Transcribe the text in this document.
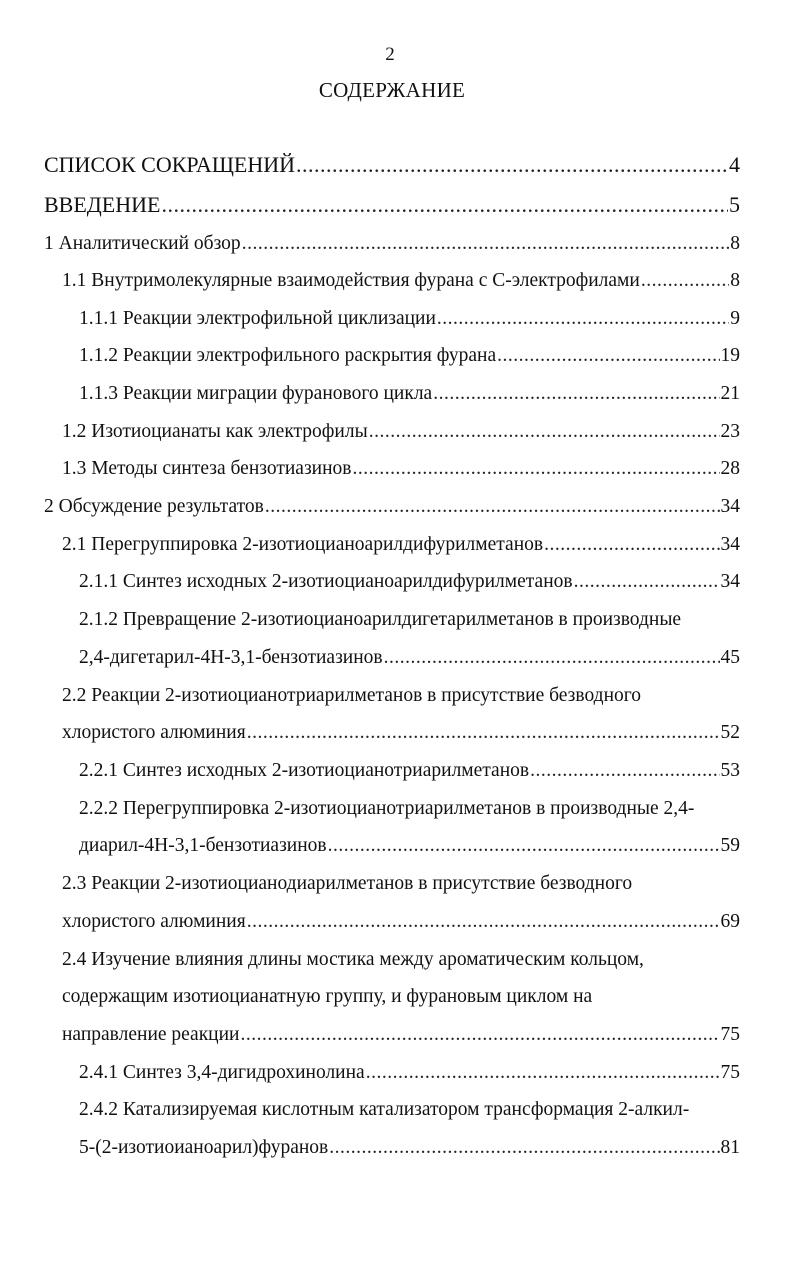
2
СОДЕРЖАНИЕ
СПИСОК СОКРАЩЕНИЙ .....	4
ВВЕДЕНИЕ .....	5
1 Аналитический обзор .....	8
1.1 Внутримолекулярные взаимодействия фурана с С-электрофилами .....	8
1.1.1 Реакции электрофильной циклизации .....	9
1.1.2 Реакции электрофильного раскрытия фурана .....	19
1.1.3 Реакции миграции фуранового цикла .....	21
1.2 Изотиоцианаты как электрофилы .....	23
1.3 Методы синтеза бензотиазинов .....	28
2 Обсуждение результатов .....	34
2.1 Перегруппировка 2-изотиоцианоарилдифурилметанов .....	34
2.1.1 Синтез исходных 2-изотиоцианоарилдифурилметанов .....	34
2.1.2 Превращение 2-изотиоцианоарилдигетарилметанов в производные
2,4-дигетарил-4H-3,1-бензотиазинов .....	45
2.2 Реакции 2-изотиоцианотриарилметанов в присутствие безводного
хлористого алюминия .....	52
2.2.1 Синтез исходных 2-изотиоцианотриарилметанов .....	53
2.2.2 Перегруппировка 2-изотиоцианотриарилметанов в производные 2,4-
диарил-4Н-3,1-бензотиазинов .....	59
2.3 Реакции 2-изотиоцианодиарилметанов в присутствие безводного
хлористого алюминия .....	69
2.4 Изучение влияния длины мостика между ароматическим кольцом,
содержащим изотиоцианатную группу, и фурановым циклом на
направление реакции .....	75
2.4.1 Синтез 3,4-дигидрохинолина .....	75
2.4.2 Катализируемая кислотным катализатором трансформация 2-алкил-
5-(2-изотиоианоарил)фуранов .....	81
